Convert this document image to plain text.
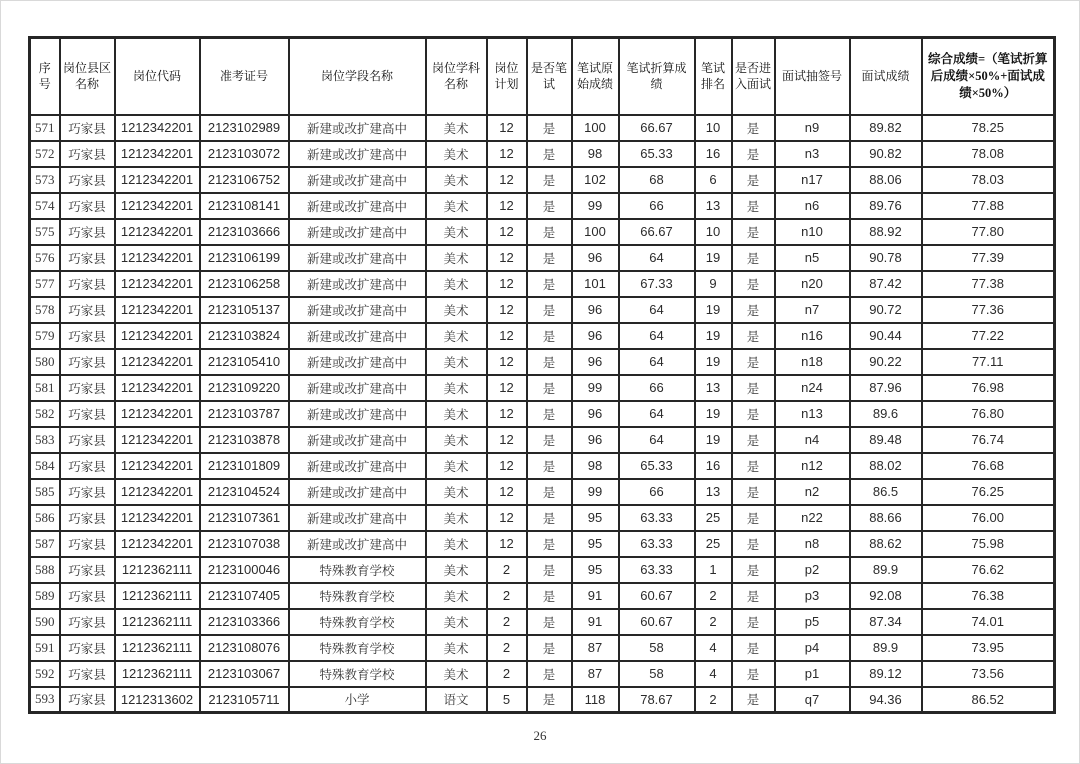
序号	岗位县区名称	岗位代码	准考证号	岗位学段名称	岗位学科名称	岗位计划	是否笔试	笔试原始成绩	笔试折算成绩	笔试排名	是否进入面试	面试抽签号	面试成绩	综合成绩=（笔试折算后成绩×50%+面试成绩×50%）
571	巧家县	1212342201	2123102989	新建或改扩建高中	美术	12	是	100	66.67	10	是	n9	89.82	78.25
572	巧家县	1212342201	2123103072	新建或改扩建高中	美术	12	是	98	65.33	16	是	n3	90.82	78.08
573	巧家县	1212342201	2123106752	新建或改扩建高中	美术	12	是	102	68	6	是	n17	88.06	78.03
574	巧家县	1212342201	2123108141	新建或改扩建高中	美术	12	是	99	66	13	是	n6	89.76	77.88
575	巧家县	1212342201	2123103666	新建或改扩建高中	美术	12	是	100	66.67	10	是	n10	88.92	77.80
576	巧家县	1212342201	2123106199	新建或改扩建高中	美术	12	是	96	64	19	是	n5	90.78	77.39
577	巧家县	1212342201	2123106258	新建或改扩建高中	美术	12	是	101	67.33	9	是	n20	87.42	77.38
578	巧家县	1212342201	2123105137	新建或改扩建高中	美术	12	是	96	64	19	是	n7	90.72	77.36
579	巧家县	1212342201	2123103824	新建或改扩建高中	美术	12	是	96	64	19	是	n16	90.44	77.22
580	巧家县	1212342201	2123105410	新建或改扩建高中	美术	12	是	96	64	19	是	n18	90.22	77.11
581	巧家县	1212342201	2123109220	新建或改扩建高中	美术	12	是	99	66	13	是	n24	87.96	76.98
582	巧家县	1212342201	2123103787	新建或改扩建高中	美术	12	是	96	64	19	是	n13	89.6	76.80
583	巧家县	1212342201	2123103878	新建或改扩建高中	美术	12	是	96	64	19	是	n4	89.48	76.74
584	巧家县	1212342201	2123101809	新建或改扩建高中	美术	12	是	98	65.33	16	是	n12	88.02	76.68
585	巧家县	1212342201	2123104524	新建或改扩建高中	美术	12	是	99	66	13	是	n2	86.5	76.25
586	巧家县	1212342201	2123107361	新建或改扩建高中	美术	12	是	95	63.33	25	是	n22	88.66	76.00
587	巧家县	1212342201	2123107038	新建或改扩建高中	美术	12	是	95	63.33	25	是	n8	88.62	75.98
588	巧家县	1212362111	2123100046	特殊教育学校	美术	2	是	95	63.33	1	是	p2	89.9	76.62
589	巧家县	1212362111	2123107405	特殊教育学校	美术	2	是	91	60.67	2	是	p3	92.08	76.38
590	巧家县	1212362111	2123103366	特殊教育学校	美术	2	是	91	60.67	2	是	p5	87.34	74.01
591	巧家县	1212362111	2123108076	特殊教育学校	美术	2	是	87	58	4	是	p4	89.9	73.95
592	巧家县	1212362111	2123103067	特殊教育学校	美术	2	是	87	58	4	是	p1	89.12	73.56
593	巧家县	1212313602	2123105711	小学	语文	5	是	118	78.67	2	是	q7	94.36	86.52
26
